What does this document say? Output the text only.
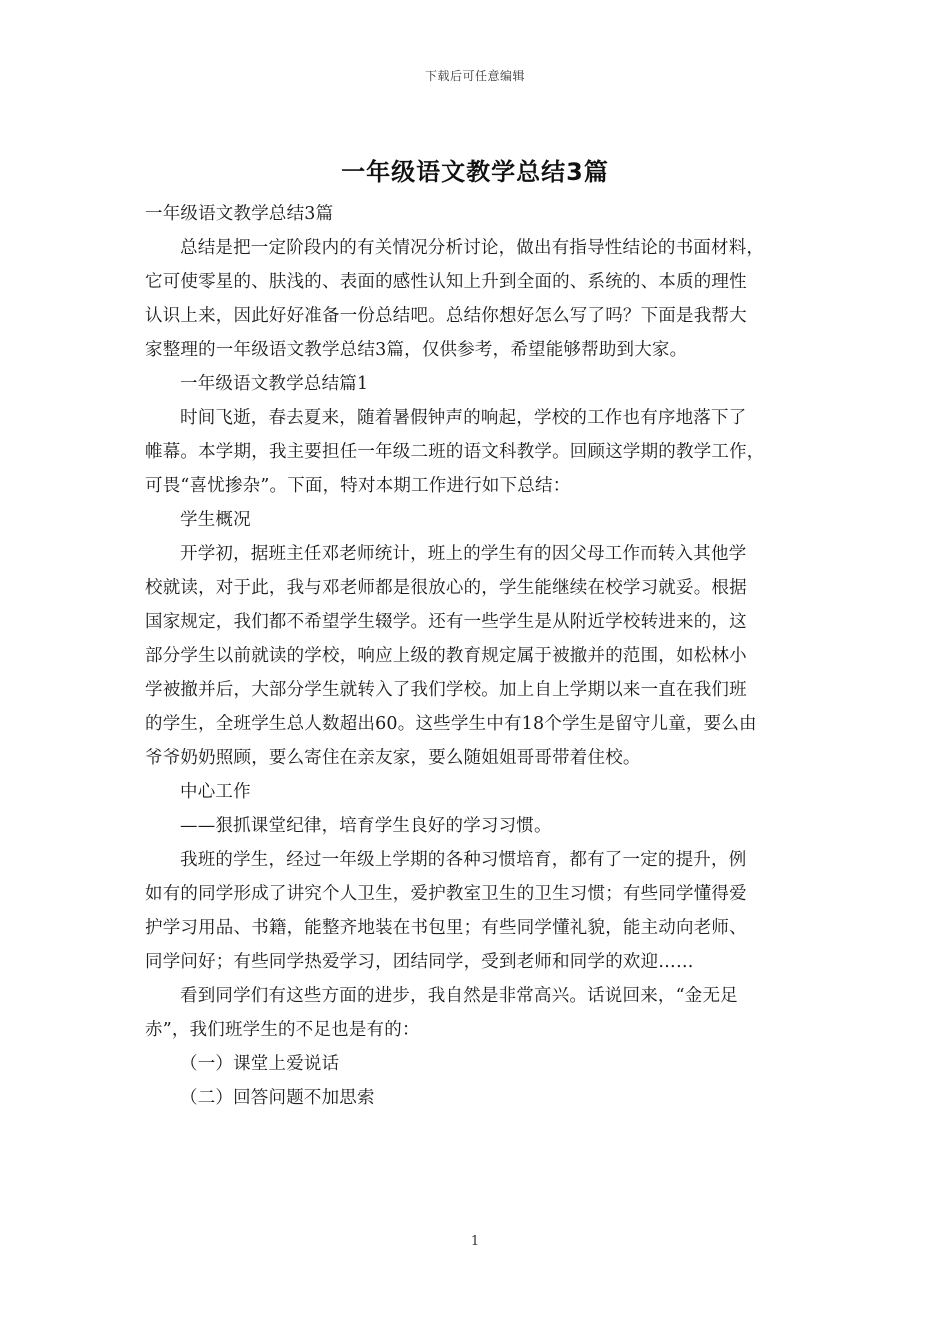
下载后可任意编辑
一年级语文教学总结3篇
一年级语文教学总结3篇
总结是把一定阶段内的有关情况分析讨论，做出有指导性结论的书面材料，
它可使零星的、肤浅的、表面的感性认知上升到全面的、系统的、本质的理性
认识上来，因此好好准备一份总结吧。总结你想好怎么写了吗？下面是我帮大
家整理的一年级语文教学总结3篇，仅供参考，希望能够帮助到大家。
一年级语文教学总结篇1
时间飞逝，春去夏来，随着暑假钟声的响起，学校的工作也有序地落下了
帷幕。本学期，我主要担任一年级二班的语文科教学。回顾这学期的教学工作，
可畏“喜忧掺杂”。下面，特对本期工作进行如下总结：
学生概况
开学初，据班主任邓老师统计，班上的学生有的因父母工作而转入其他学
校就读，对于此，我与邓老师都是很放心的，学生能继续在校学习就妥。根据
国家规定，我们都不希望学生辍学。还有一些学生是从附近学校转进来的，这
部分学生以前就读的学校，响应上级的教育规定属于被撤并的范围，如松林小
学被撤并后，大部分学生就转入了我们学校。加上自上学期以来一直在我们班
的学生，全班学生总人数超出60。这些学生中有18个学生是留守儿童，要么由
爷爷奶奶照顾，要么寄住在亲友家，要么随姐姐哥哥带着住校。
中心工作
——狠抓课堂纪律，培育学生良好的学习习惯。
我班的学生，经过一年级上学期的各种习惯培育，都有了一定的提升，例
如有的同学形成了讲究个人卫生，爱护教室卫生的卫生习惯；有些同学懂得爱
护学习用品、书籍，能整齐地装在书包里；有些同学懂礼貌，能主动向老师、
同学问好；有些同学热爱学习，团结同学，受到老师和同学的欢迎……
看到同学们有这些方面的进步，我自然是非常高兴。话说回来，“金无足
赤”，我们班学生的不足也是有的：
（一）课堂上爱说话
（二）回答问题不加思索
1
